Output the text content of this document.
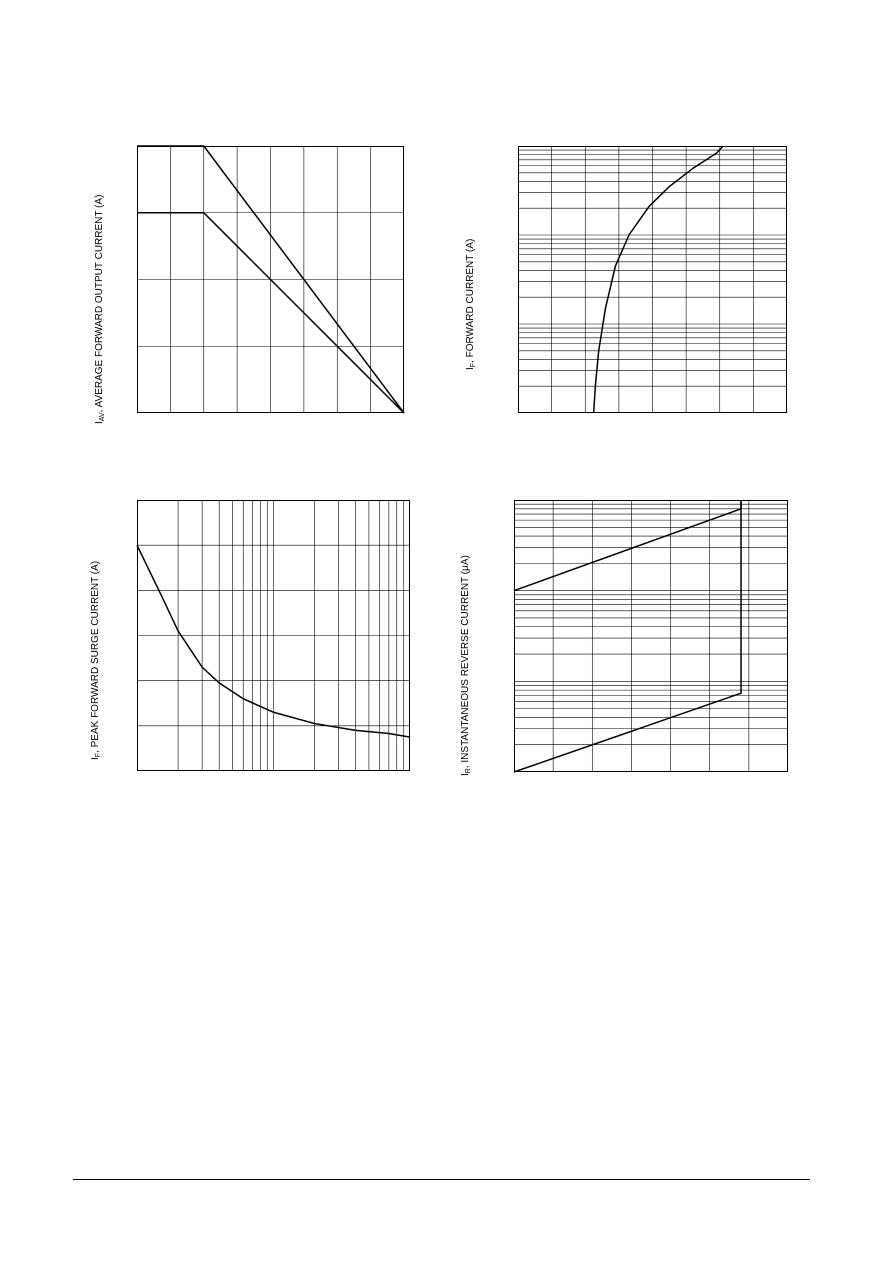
$I_{AV}$, AVERAGE FORWARD OUTPUT CURRENT (A)	$I_F$, FORWARD CURRENT (A)
$I_F$, PEAK FORWARD SURGE CURRENT (A)
$I_R$, INSTANTANEOUS REVERSE CURRENT (μA)
